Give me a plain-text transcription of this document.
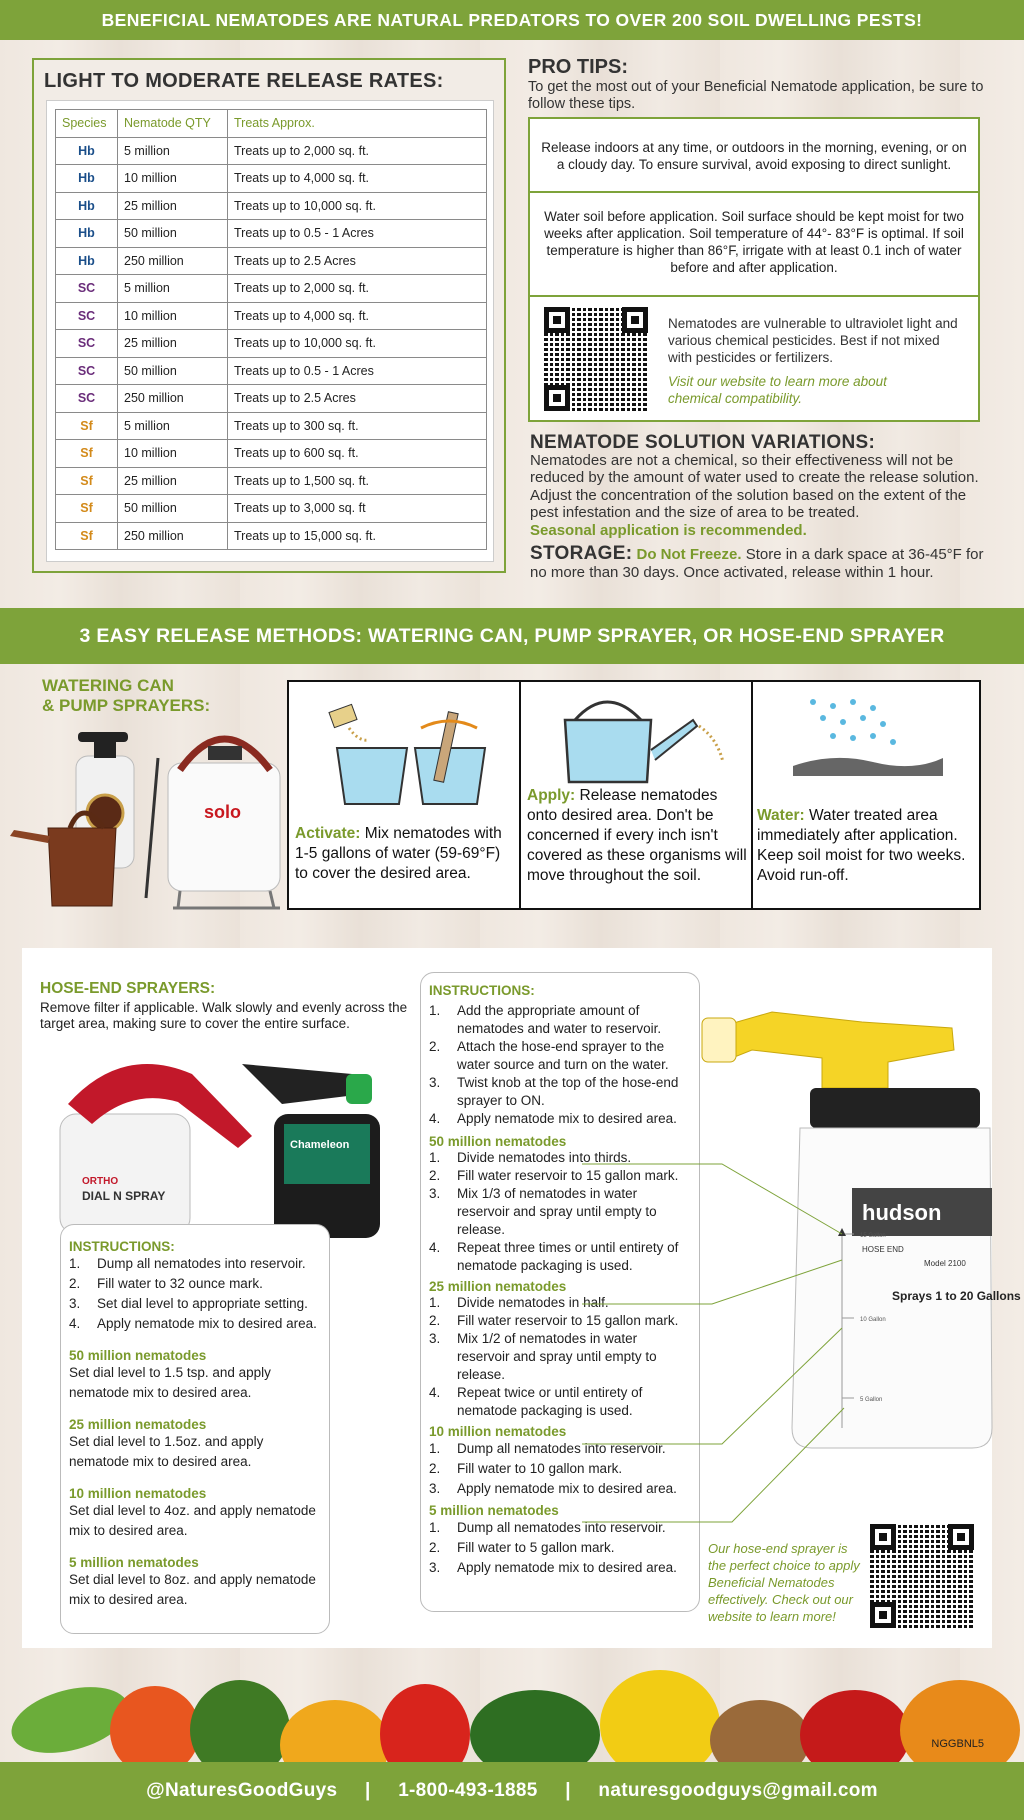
BENEFICIAL NEMATODES ARE NATURAL PREDATORS TO OVER 200 SOIL DWELLING PESTS!
LIGHT TO MODERATE RELEASE RATES:
Species	Nematode QTY	Treats Approx.
Hb	5 million	Treats up to 2,000 sq. ft.
Hb	10 million	Treats up to 4,000 sq. ft.
Hb	25 million	Treats up to 10,000 sq. ft.
Hb	50 million	Treats up to 0.5 - 1 Acres
Hb	250 million	Treats up to 2.5 Acres
SC	5 million	Treats up to 2,000 sq. ft.
SC	10 million	Treats up to 4,000 sq. ft.
SC	25 million	Treats up to 10,000 sq. ft.
SC	50 million	Treats up to 0.5 - 1 Acres
SC	250 million	Treats up to 2.5 Acres
Sf	5 million	Treats up to 300 sq. ft.
Sf	10 million	Treats up to 600 sq. ft.
Sf	25 million	Treats up to 1,500 sq. ft.
Sf	50 million	Treats up to 3,000 sq. ft
Sf	250 million	Treats up to 15,000 sq. ft.
PRO TIPS:

To get the most out of your Beneficial Nematode application, be sure to follow these tips.

Release indoors at any time, or outdoors in the morning, evening, or on a cloudy day. To ensure survival, avoid exposing to direct sunlight.
Water soil before application. Soil surface should be kept moist for two weeks after application. Soil temperature of 44°- 83°F is optimal. If soil temperature is higher than 86°F, irrigate with at least 0.1 inch of water before and after application.
Nematodes are vulnerable to ultraviolet light and various chemical pesticides. Best if not mixed with pesticides or fertilizers.
Visit our website to learn more about chemical compatibility.
NEMATODE SOLUTION VARIATIONS:
Nematodes are not a chemical, so their effectiveness will not be reduced by the amount of water used to create the release solution. Adjust the concentration of the solution based on the extent of the pest infestation and the size of area to be treated.
Seasonal application is recommended.
STORAGE: Do Not Freeze. Store in a dark space at 36-45°F for no more than 30 days. Once activated, release within 1 hour.
3 EASY RELEASE METHODS: WATERING CAN, PUMP SPRAYER, OR HOSE-END SPRAYER
WATERING CAN
& PUMP SPRAYERS:
solo
Activate: Mix nematodes with 1-5 gallons of water (59-69°F) to cover the desired area.
Apply: Release nematodes onto desired area. Don't be concerned if every inch isn't covered as these organisms will move throughout the soil.
Water: Water treated area immediately after application. Keep soil moist for two weeks. Avoid run-off.
HOSE-END SPRAYERS:
Remove filter if applicable. Walk slowly and evenly across the target area, making sure to cover the entire surface.
ORTHO
DIAL N SPRAY
Chameleon
INSTRUCTIONS:
1. Dump all nematodes into reservoir.
2. Fill water to 32 ounce mark.
3. Set dial level to appropriate setting.
4. Apply nematode mix to desired area.
50 million nematodes
Set dial level to 1.5 tsp. and apply nematode mix to desired area.
25 million nematodes
Set dial level to 1.5oz. and apply nematode mix to desired area.
10 million nematodes
Set dial level to 4oz. and apply nematode mix to desired area.
5 million nematodes
Set dial level to 8oz. and apply nematode mix to desired area.
INSTRUCTIONS:
1. Add the appropriate amount of nematodes and water to reservoir.
2. Attach the hose-end sprayer to the water source and turn on the water.
3. Twist knob at the top of the hose-end sprayer to ON.
4. Apply nematode mix to desired area.
50 million nematodes
1. Divide nematodes into thirds.
2. Fill water reservoir to 15 gallon mark.
3. Mix 1/3 of nematodes in water reservoir and spray until empty to release.
4. Repeat three times or until entirety of nematode packaging is used.
25 million nematodes
1. Divide nematodes in half.
2. Fill water reservoir to 15 gallon mark.
3. Mix 1/2 of nematodes in water reservoir and spray until empty to release.
4. Repeat twice or until entirety of nematode packaging is used.
10 million nematodes
1. Dump all nematodes into reservoir.
2. Fill water to 10 gallon mark.
3. Apply nematode mix to desired area.
5 million nematodes
1. Dump all nematodes into reservoir.
2. Fill water to 5 gallon mark.
3. Apply nematode mix to desired area.
hudson
HOSE END
Model 2100
Sprays 1 to 20 Gallons
15 Gallon
10 Gallon
5 Gallon
Our hose-end sprayer is the perfect choice to apply Beneficial Nematodes effectively. Check out our website to learn more!
NGGBNL5
@NaturesGoodGuys | 1-800-493-1885 | naturesgoodguys@gmail.com
